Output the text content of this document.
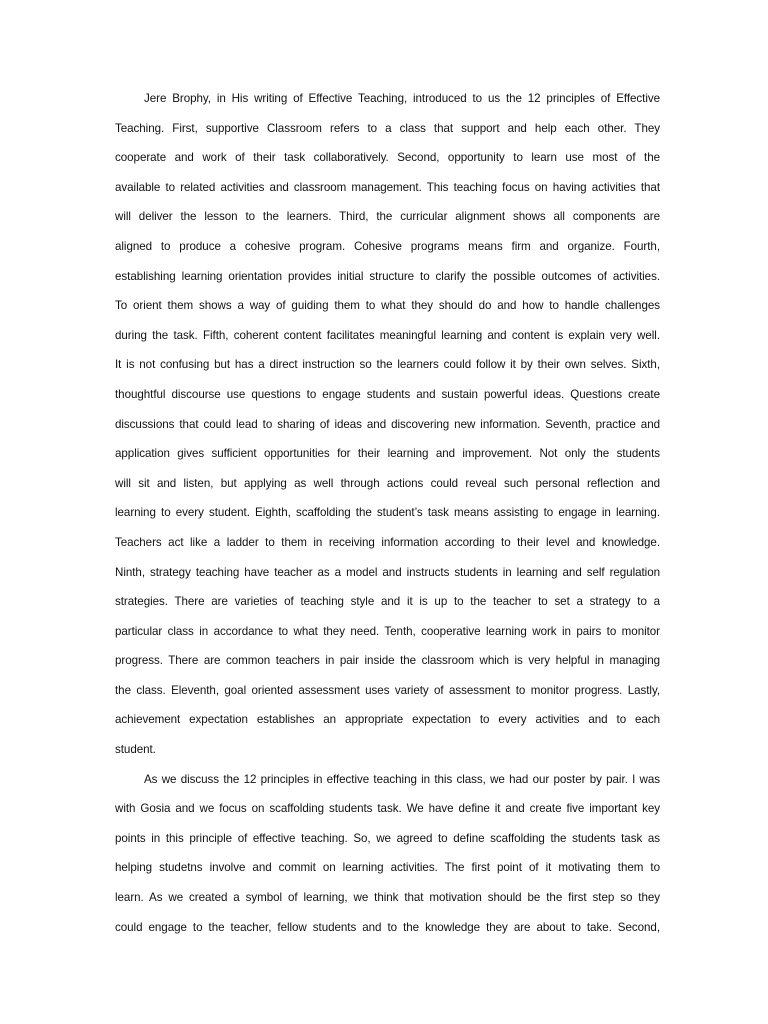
Jere Brophy, in His writing of Effective Teaching, introduced to us the 12 principles of Effective
Teaching. First, supportive Classroom refers to a class that support and help each other. They
cooperate and work of their task collaboratively. Second, opportunity to learn use most of the
available to related activities and classroom management. This teaching focus on having activities that
will deliver the lesson to the learners. Third, the curricular alignment shows all components are
aligned to produce a cohesive program. Cohesive programs means firm and organize. Fourth,
establishing learning orientation provides initial structure to clarify the possible outcomes of activities.
To orient them shows a way of guiding them to what they should do and how to handle challenges
during the task. Fifth, coherent content facilitates meaningful learning and content is explain very well.
It is not confusing but has a direct instruction so the learners could follow it by their own selves. Sixth,
thoughtful discourse use questions to engage students and sustain powerful ideas. Questions create
discussions that could lead to sharing of ideas and discovering new information. Seventh, practice and
application gives sufficient opportunities for their learning and improvement. Not only the students
will sit and listen, but applying as well through actions could reveal such personal reflection and
learning to every student. Eighth, scaffolding the student’s task means assisting to engage in learning.
Teachers act like a ladder to them in receiving information according to their level and knowledge.
Ninth, strategy teaching have teacher as a model and instructs students in learning and self regulation
strategies. There are varieties of teaching style and it is up to the teacher to set a strategy to a
particular class in accordance to what they need. Tenth, cooperative learning work in pairs to monitor
progress. There are common teachers in pair inside the classroom which is very helpful in managing
the class. Eleventh, goal oriented assessment uses variety of assessment to monitor progress. Lastly,
achievement expectation establishes an appropriate expectation to every activities and to each
student.
As we discuss the 12 principles in effective teaching in this class, we had our poster by pair. I was
with Gosia and we focus on scaffolding students task. We have define it and create five important key
points in this principle of effective teaching. So, we agreed to define scaffolding the students task as
helping studetns involve and commit on learning activities. The first point of it motivating them to
learn. As we created a symbol of learning, we think that motivation should be the first step so they
could engage to the teacher, fellow students and to the knowledge they are about to take. Second,
